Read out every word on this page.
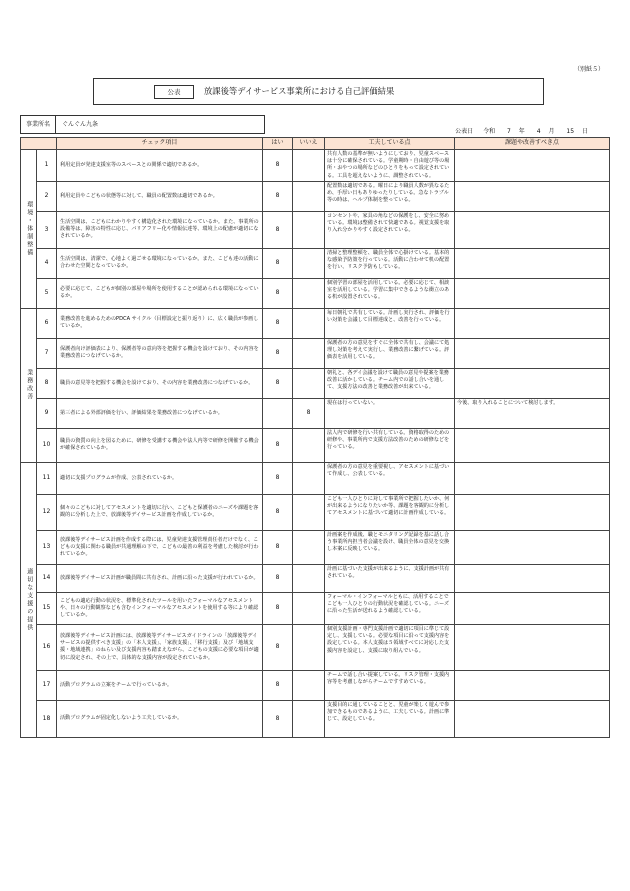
（別紙５）
公表	放課後等デイサービス事業所における自己評価結果
事業所名	ぐんぐん九条
公表日 令和 7 年 4 月 15 日
		チェック項目	はい	いいえ	工夫している点	課題や改善すべき点
環境・体制整備	1	利用定員が発達支援室等のスペースとの関係で適切であるか。	8		共有人数の基準が無いようにしており、児童スペースは十分に確保されている。学童期時・自由遊び等の場所・おやつの場所などのひとりをもって設定されている。工具を超えないように、調整されている。	
	2	利用定員やこどもの状態等に対して、職員の配置数は適切であるか。	8		配置数は適切である。曜日により職員人数が異なるため、手厚い日もありゆったりしている。急なトラブル等の時は、ヘルプ体制を整っている。	
	3	生活空間は、こどもにわかりやすく構造化された環境になっているか。また、事業所の設備等は、障害の特性に応じ、バリアフリー化や情報伝達等、環境上の配慮が適切になされているか。	8		コンセントや、家具の角などの保護をし、安全に努めている。環境は整備されて快適である。視覚支援を取り入れ分かりやすく設定されている。	
	4	生活空間は、清潔で、心地よく過ごせる環境になっているか。また、こども達の活動に合わせた空間となっているか。	8		清掃と整理整頓を、職員全体で心掛けている。基本的な感染予防策を行っている。活動に合わせて机の配置を行い、リスク予防もしている。	
	5	必要に応じて、こどもが個別の部屋や場所を使用することが認められる環境になっているか。	8		個別学習の部屋を活用している。必要に応じて、相談室を活用している。学習に集中できるような衝立のある机が設置されている。	
業務改善	6	業務改善を進めるためのPDCA サイクル（目標設定と振り返り）に、広く職員が参画しているか。	8		毎日朝礼で共有している。計画し実行され、評価を行い対策を会議して目標達成と、改善を行っている。	
	7	保護者向け評価表により、保護者等の意向等を把握する機会を設けており、その内容を業務改善につなげているか。	8		保護者の方の意見をすぐに全体で共有し、会議にて処理し対策を考えて実行し、業務改善に繋げている。評価表を活用している。	
	8	職員の意見等を把握する機会を設けており、その内容を業務改善につなげているか。	8		朝礼と、各デイ会議を設けて職員の意見や提案を業務改善に活かしている。チーム内での話し合いを通して、支援方法の改善と業務改善が出来ている。	
	9	第三者による外部評価を行い、評価結果を業務改善につなげているか。		8	現在は行っていない。	今後、取り入れることについて検討します。
	10	職員の資質の向上を図るために、研修を受講する機会や法人内等で研修を開催する機会が確保されているか。	8		法人内で研修を行い共有している。資格取得のための研修や、事業所内で支援方法改善のための研修などを行っている。	
適切な支援の提供	11	適切に支援プログラムが作成、公表されているか。	8		保護者の方の意見を重要視し、アセスメントに基づいて作成し、公表している。	
	12	個々のこどもに対してアセスメントを適切に行い、こどもと保護者のニーズや課題を客観的に分析した上で、放課後等デイサービス計画を作成しているか。	8		こども一人ひとりに対して事業所で把握したいか、何が出来るようになりたいか等、課題を客観的に分析してアセスメントに基づいて適切に計画作成している。	
	13	放課後等デイサービス計画を作成する際には、児童発達支援管理責任者だけでなく、こどもの支援に関わる職員が共通理解の下で、こどもの最善の利益を考慮した検討が行われているか。	8		計画案を作成後、職とモニタリング記録を基に話し合う事業所内担当者会議を設け、職員全体の意見を交換し本案に反映している。	
	14	放課後等デイサービス計画が職員間に共有され、計画に沿った支援が行われているか。	8		計画に基づいた支援が出来るように、支援計画が共有されている。	
	15	こどもの適応行動の状況を、標準化されたツールを用いたフォーマルなアセスメントや、日々の行動観察なども含むインフォーマルなアセスメントを使用する等により確認しているか。	8		フォーマル・インフォーマルともに、活用することでこども一人ひとりの行動状況を確認している。ニーズに沿った生活が送れるよう確認している。	
	16	放課後等デイサービス計画には、放課後等デイサービスガイドラインの「放課後等デイサービスの提供すべき支援」の「本人支援」、「家族支援」、「移行支援」及び「地域支援・地域連携」のねらい及び支援内容も踏まえながら、こどもの支援に必要な項目が適切に設定され、その上で、具体的な支援内容が設定されているか。	8		個別支援計画・専門支援計画で適切に項目に準じて設定し、支援している。必要な項目に沿って支援内容を設定している。本人支援は５領域すべてに対応した支援内容を設定し、支援に取り組んでいる。	
	17	活動プログラムの立案をチームで行っているか。	8		チームで話し合い提案している。リスク管理・支援内容等を考慮しながらチームですすめている。	
	18	活動プログラムが固定化しないよう工夫しているか。	8		支援目的に通していることと、児童が楽しく遊んで参加できるものであるように、工夫している。計画に準じて、設定している。	
